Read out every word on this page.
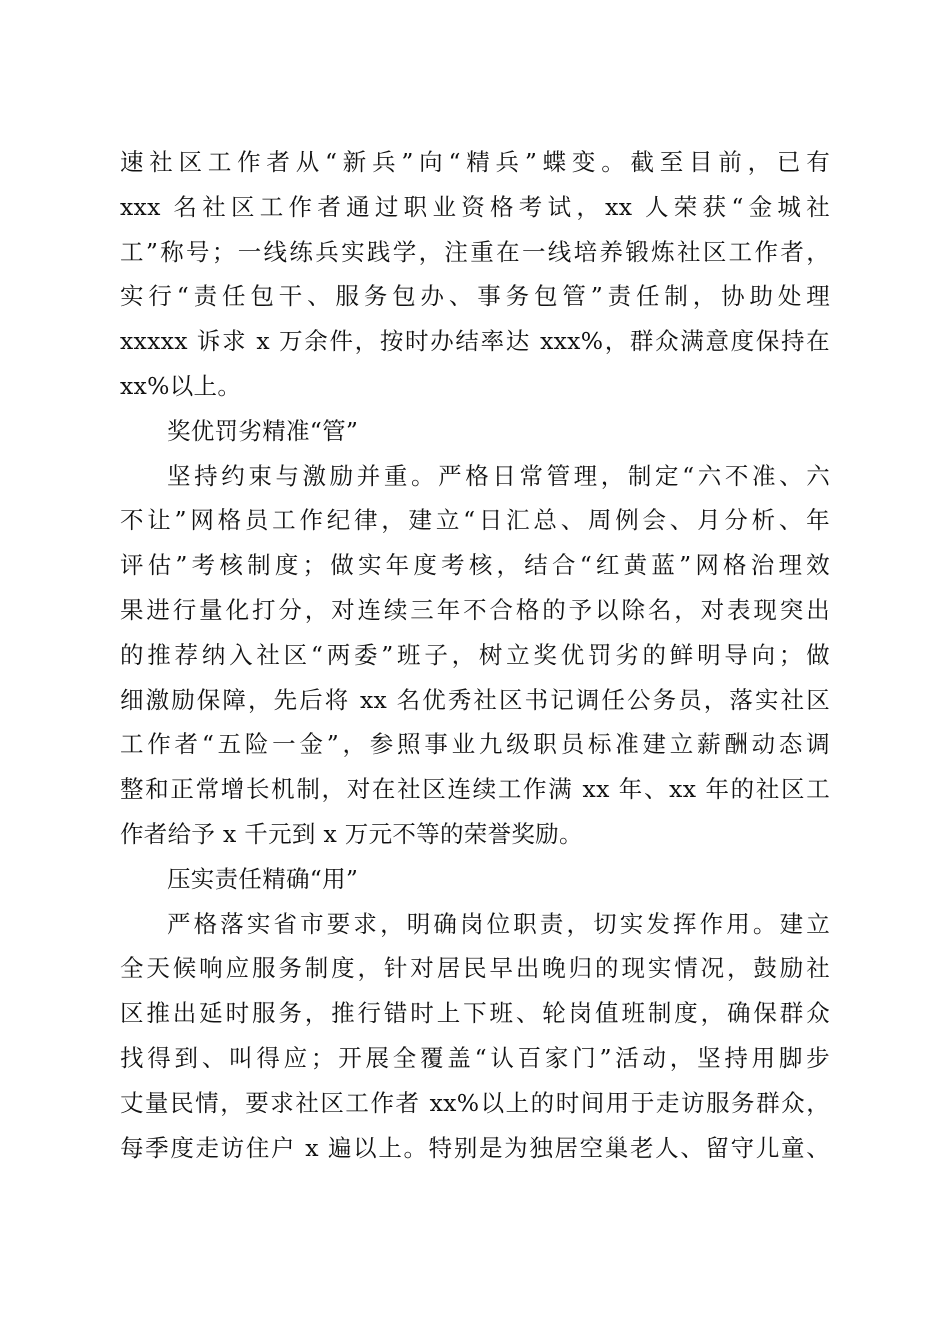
速社区工作者从“新兵”向“精兵”蝶变。截至目前，已有
xxx 名社区工作者通过职业资格考试，xx 人荣获“金城社
工”称号；一线练兵实践学，注重在一线培养锻炼社区工作者，
实行“责任包干、服务包办、事务包管”责任制，协助处理
xxxxx 诉求 x 万余件，按时办结率达 xxx%，群众满意度保持在
xx%以上。
奖优罚劣精准“管”
坚持约束与激励并重。严格日常管理，制定“六不准、六
不让”网格员工作纪律，建立“日汇总、周例会、月分析、年
评估”考核制度；做实年度考核，结合“红黄蓝”网格治理效
果进行量化打分，对连续三年不合格的予以除名，对表现突出
的推荐纳入社区“两委”班子，树立奖优罚劣的鲜明导向；做
细激励保障，先后将 xx 名优秀社区书记调任公务员，落实社区
工作者“五险一金”，参照事业九级职员标准建立薪酬动态调
整和正常增长机制，对在社区连续工作满 xx 年、xx 年的社区工
作者给予 x 千元到 x 万元不等的荣誉奖励。
压实责任精确“用”
严格落实省市要求，明确岗位职责，切实发挥作用。建立
全天候响应服务制度，针对居民早出晚归的现实情况，鼓励社
区推出延时服务，推行错时上下班、轮岗值班制度，确保群众
找得到、叫得应；开展全覆盖“认百家门”活动，坚持用脚步
丈量民情，要求社区工作者 xx%以上的时间用于走访服务群众，
每季度走访住户 x 遍以上。特别是为独居空巢老人、留守儿童、
